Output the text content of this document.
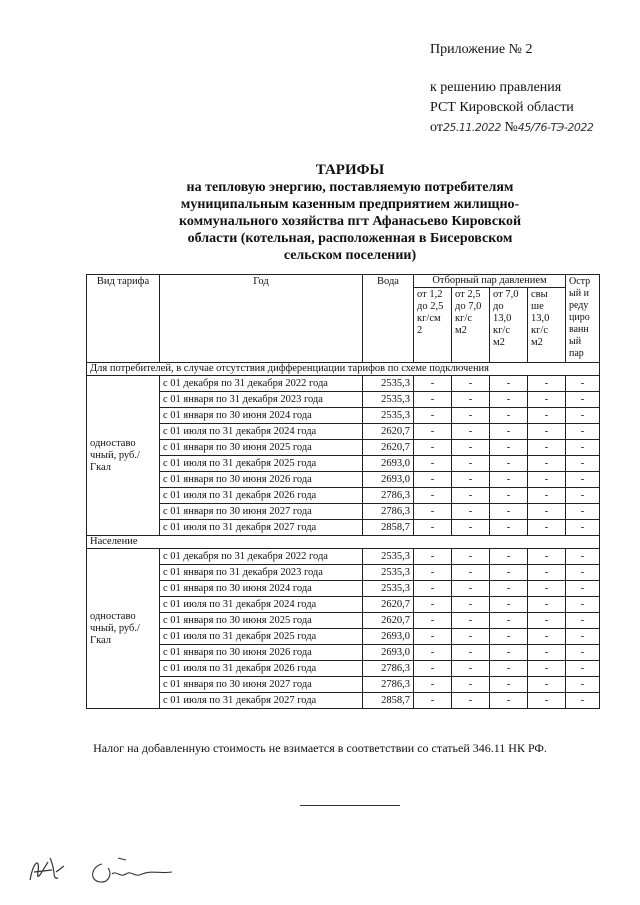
Приложение № 2
к решению правления
РСТ Кировской области
от25.11.2022 №45/76-ТЭ-2022
ТАРИФЫ
на тепловую энергию, поставляемую потребителям
муниципальным казенным предприятием жилищно-
коммунального хозяйства пгт Афанасьево Кировской
области (котельная, расположенная в Бисеровском
сельском поселении)
Вид тарифа	Год	Вода	Отборный пар давлением				Остр ый и реду циро ванн ый пар
			от 1,2 до 2,5 кг/см 2	от 2,5 до 7,0 кг/с м2	от 7,0 до 13,0 кг/с м2	свы ше 13,0 кг/с м2	
Для потребителей, в случае отсутствия дифференциации тарифов по схеме подключения							
одноставо чный, руб./Гкал	с 01 декабря по 31 декабря 2022 года	2535,3	-	-	-	-	-
	с 01 января по 31 декабря 2023 года	2535,3	-	-	-	-	-
	с 01 января по 30 июня 2024 года	2535,3	-	-	-	-	-
	с 01 июля по 31 декабря 2024 года	2620,7	-	-	-	-	-
	с 01 января по 30 июня 2025 года	2620,7	-	-	-	-	-
	с 01 июля по 31 декабря 2025 года	2693,0	-	-	-	-	-
	с 01 января по 30 июня 2026 года	2693,0	-	-	-	-	-
	с 01 июля по 31 декабря 2026 года	2786,3	-	-	-	-	-
	с 01 января по 30 июня 2027 года	2786,3	-	-	-	-	-
	с 01 июля по 31 декабря 2027 года	2858,7	-	-	-	-	-
Население							
одноставо чный, руб./Гкал	с 01 декабря по 31 декабря 2022 года	2535,3	-	-	-	-	-
	с 01 января по 31 декабря 2023 года	2535,3	-	-	-	-	-
	с 01 января по 30 июня 2024 года	2535,3	-	-	-	-	-
	с 01 июля по 31 декабря 2024 года	2620,7	-	-	-	-	-
	с 01 января по 30 июня 2025 года	2620,7	-	-	-	-	-
	с 01 июля по 31 декабря 2025 года	2693,0	-	-	-	-	-
	с 01 января по 30 июня 2026 года	2693,0	-	-	-	-	-
	с 01 июля по 31 декабря 2026 года	2786,3	-	-	-	-	-
	с 01 января по 30 июня 2027 года	2786,3	-	-	-	-	-
	с 01 июля по 31 декабря 2027 года	2858,7	-	-	-	-	-
Налог на добавленную стоимость не взимается в соответствии со статьей 346.11 НК РФ.
